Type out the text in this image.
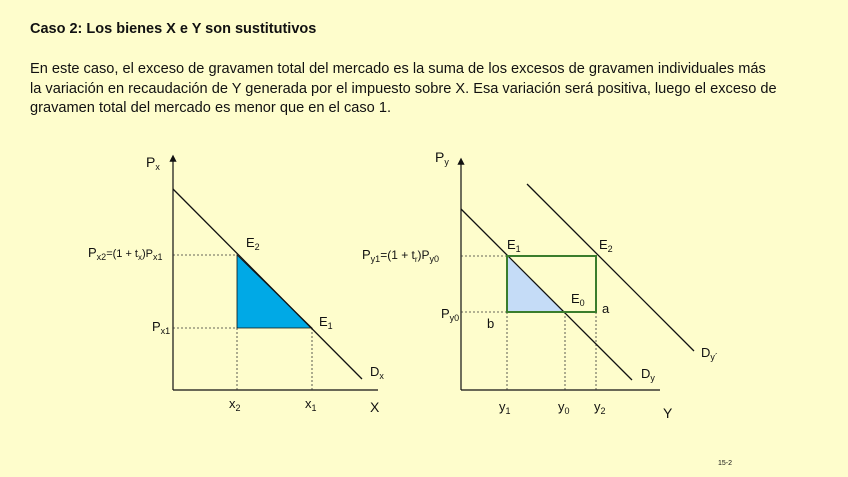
Caso 2: Los bienes X e Y son sustitutivos
En este caso, el exceso de gravamen total del mercado es la suma de los excesos de gravamen individuales más
la variación en recaudación de Y generada por el impuesto sobre X. Esa variación será positiva, luego el exceso de
gravamen total del mercado es menor que en el caso 1.
$P_x$
$P_{x2}^{=(1 + t}_x^{)P}_{x1}$
$P_{x1}$
$E_2$
$E_1$
$D_x$
$x_2$	$x_1$	X
$P_y$
$P_{y1}=(1 + t_r)P_{y0}$
$P_{y0}$
$E_1$	$E_2$
$E_0$ a
b
$D_y$
$D_{y´}$
$y_1$	$y_0$ $y_2$	Y
15-2
